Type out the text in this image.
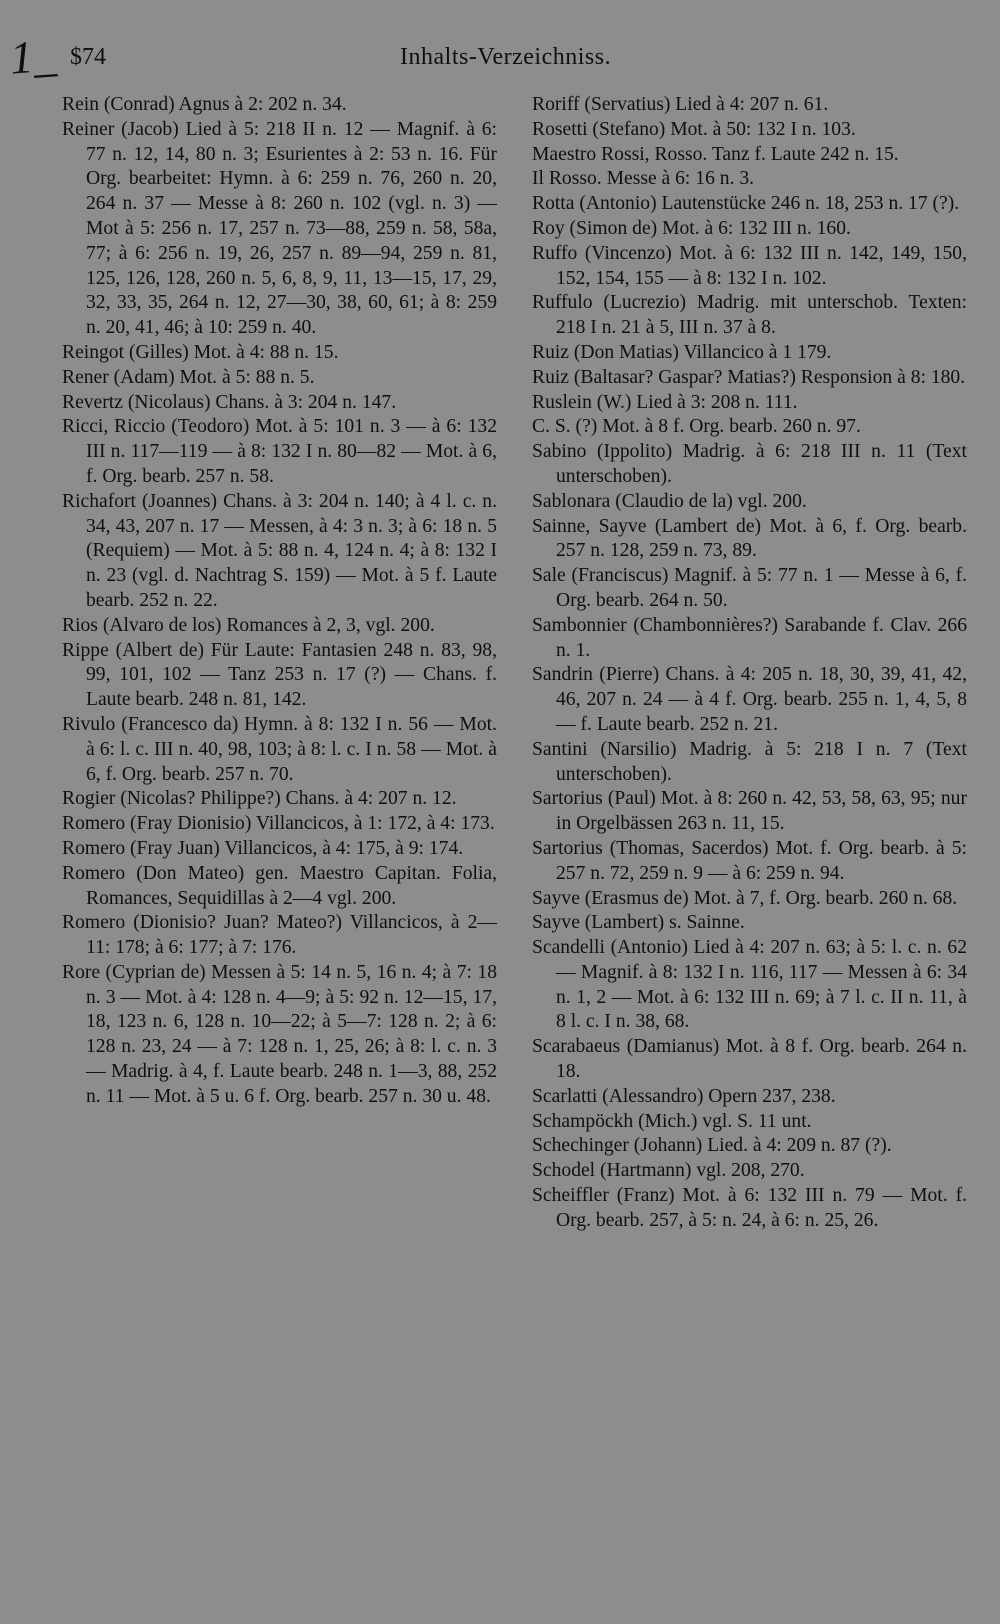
1_ $74	Inhalts-Verzeichniss.
Rein (Conrad) Agnus à 2: 202 n. 34.
Reiner (Jacob) Lied à 5: 218 II n. 12 — Magnif. à 6: 77 n. 12, 14, 80 n. 3; Esurientes à 2: 53 n. 16. Für Org. bearbeitet: Hymn. à 6: 259 n. 76, 260 n. 20, 264 n. 37 — Messe à 8: 260 n. 102 (vgl. n. 3) — Mot à 5: 256 n. 17, 257 n. 73—88, 259 n. 58, 58a, 77; à 6: 256 n. 19, 26, 257 n. 89—94, 259 n. 81, 125, 126, 128, 260 n. 5, 6, 8, 9, 11, 13—15, 17, 29, 32, 33, 35, 264 n. 12, 27—30, 38, 60, 61; à 8: 259 n. 20, 41, 46; à 10: 259 n. 40.
Reingot (Gilles) Mot. à 4: 88 n. 15.
Rener (Adam) Mot. à 5: 88 n. 5.
Revertz (Nicolaus) Chans. à 3: 204 n. 147.
Ricci, Riccio (Teodoro) Mot. à 5: 101 n. 3 — à 6: 132 III n. 117—119 — à 8: 132 I n. 80—82 — Mot. à 6, f. Org. bearb. 257 n. 58.
Richafort (Joannes) Chans. à 3: 204 n. 140; à 4 l. c. n. 34, 43, 207 n. 17 — Messen, à 4: 3 n. 3; à 6: 18 n. 5 (Requiem) — Mot. à 5: 88 n. 4, 124 n. 4; à 8: 132 I n. 23 (vgl. d. Nachtrag S. 159) — Mot. à 5 f. Laute bearb. 252 n. 22.
Rios (Alvaro de los) Romances à 2, 3, vgl. 200.
Rippe (Albert de) Für Laute: Fantasien 248 n. 83, 98, 99, 101, 102 — Tanz 253 n. 17 (?) — Chans. f. Laute bearb. 248 n. 81, 142.
Rivulo (Francesco da) Hymn. à 8: 132 I n. 56 — Mot. à 6: l. c. III n. 40, 98, 103; à 8: l. c. I n. 58 — Mot. à 6, f. Org. bearb. 257 n. 70.
Rogier (Nicolas? Philippe?) Chans. à 4: 207 n. 12.
Romero (Fray Dionisio) Villancicos, à 1: 172, à 4: 173.
Romero (Fray Juan) Villancicos, à 4: 175, à 9: 174.
Romero (Don Mateo) gen. Maestro Capitan. Folia, Romances, Sequidillas à 2—4 vgl. 200.
Romero (Dionisio? Juan? Mateo?) Villancicos, à 2—11: 178; à 6: 177; à 7: 176.
Rore (Cyprian de) Messen à 5: 14 n. 5, 16 n. 4; à 7: 18 n. 3 — Mot. à 4: 128 n. 4—9; à 5: 92 n. 12—15, 17, 18, 123 n. 6, 128 n. 10—22; à 5—7: 128 n. 2; à 6: 128 n. 23, 24 — à 7: 128 n. 1, 25, 26; à 8: l. c. n. 3 — Madrig. à 4, f. Laute bearb. 248 n. 1—3, 88, 252 n. 11 — Mot. à 5 u. 6 f. Org. bearb. 257 n. 30 u. 48.
Roriff (Servatius) Lied à 4: 207 n. 61.
Rosetti (Stefano) Mot. à 50: 132 I n. 103.
Maestro Rossi, Rosso. Tanz f. Laute 242 n. 15.
Il Rosso. Messe à 6: 16 n. 3.
Rotta (Antonio) Lautenstücke 246 n. 18, 253 n. 17 (?).
Roy (Simon de) Mot. à 6: 132 III n. 160.
Ruffo (Vincenzo) Mot. à 6: 132 III n. 142, 149, 150, 152, 154, 155 — à 8: 132 I n. 102.
Ruffulo (Lucrezio) Madrig. mit unterschob. Texten: 218 I n. 21 à 5, III n. 37 à 8.
Ruiz (Don Matias) Villancico à 1 179.
Ruiz (Baltasar? Gaspar? Matias?) Responsion à 8: 180.
Ruslein (W.) Lied à 3: 208 n. 111.
C. S. (?) Mot. à 8 f. Org. bearb. 260 n. 97.
Sabino (Ippolito) Madrig. à 6: 218 III n. 11 (Text unterschoben).
Sablonara (Claudio de la) vgl. 200.
Sainne, Sayve (Lambert de) Mot. à 6, f. Org. bearb. 257 n. 128, 259 n. 73, 89.
Sale (Franciscus) Magnif. à 5: 77 n. 1 — Messe à 6, f. Org. bearb. 264 n. 50.
Sambonnier (Chambonnières?) Sarabande f. Clav. 266 n. 1.
Sandrin (Pierre) Chans. à 4: 205 n. 18, 30, 39, 41, 42, 46, 207 n. 24 — à 4 f. Org. bearb. 255 n. 1, 4, 5, 8 — f. Laute bearb. 252 n. 21.
Santini (Narsilio) Madrig. à 5: 218 I n. 7 (Text unterschoben).
Sartorius (Paul) Mot. à 8: 260 n. 42, 53, 58, 63, 95; nur in Orgelbässen 263 n. 11, 15.
Sartorius (Thomas, Sacerdos) Mot. f. Org. bearb. à 5: 257 n. 72, 259 n. 9 — à 6: 259 n. 94.
Sayve (Erasmus de) Mot. à 7, f. Org. bearb. 260 n. 68.
Sayve (Lambert) s. Sainne.
Scandelli (Antonio) Lied à 4: 207 n. 63; à 5: l. c. n. 62 — Magnif. à 8: 132 I n. 116, 117 — Messen à 6: 34 n. 1, 2 — Mot. à 6: 132 III n. 69; à 7 l. c. II n. 11, à 8 l. c. I n. 38, 68.
Scarabaeus (Damianus) Mot. à 8 f. Org. bearb. 264 n. 18.
Scarlatti (Alessandro) Opern 237, 238.
Schampöckh (Mich.) vgl. S. 11 unt.
Schechinger (Johann) Lied. à 4: 209 n. 87 (?).
Schodel (Hartmann) vgl. 208, 270.
Scheiffler (Franz) Mot. à 6: 132 III n. 79 — Mot. f. Org. bearb. 257, à 5: n. 24, à 6: n. 25, 26.
